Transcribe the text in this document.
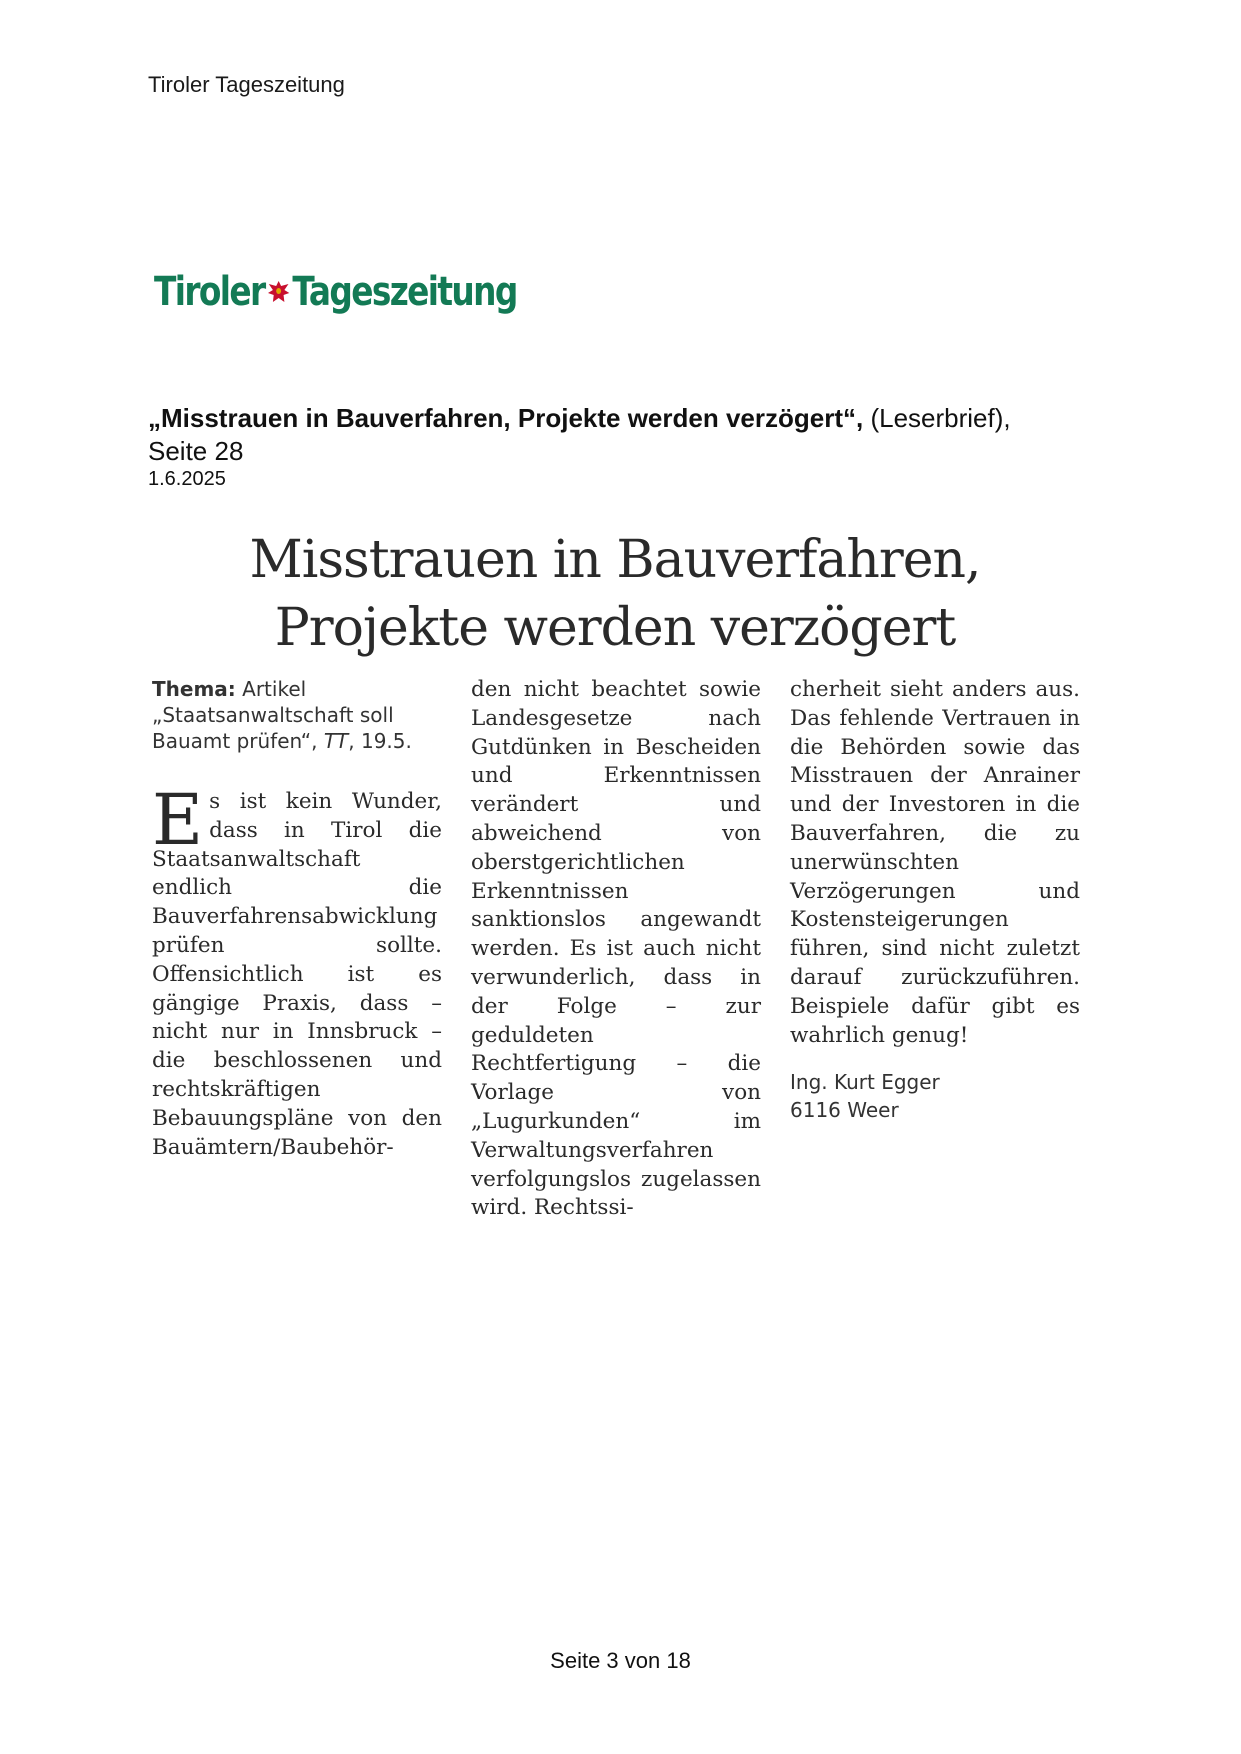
Tiroler Tageszeitung
Tiroler Tageszeitung
„Misstrauen in Bauverfahren, Projekte werden verzögert“, (Leserbrief),
Seite 28
1.6.2025
Misstrauen in Bauverfahren,
Projekte werden verzögert

Thema: Artikel „Staatsanwaltschaft soll Bauamt prüfen“, TT, 19.5.

Es ist kein Wunder, dass in Tirol die Staatsanwaltschaft endlich die Bauverfahrensabwicklung prüfen sollte. Offensichtlich ist es gängige Praxis, dass – nicht nur in Innsbruck – die beschlossenen und rechtskräftigen Bebauungspläne von den Bauämtern/Baubehör-

den nicht beachtet sowie Landesgesetze nach Gutdünken in Bescheiden und Erkenntnissen verändert und abweichend von oberstgerichtlichen Erkenntnissen sanktionslos angewandt werden. Es ist auch nicht verwunderlich, dass in der Folge – zur geduldeten Rechtfertigung – die Vorlage von „Lugurkunden“ im Verwaltungsverfahren verfolgungslos zugelassen wird. Rechtssi-

cherheit sieht anders aus. Das fehlende Vertrauen in die Behörden sowie das Misstrauen der Anrainer und der Investoren in die Bauverfahren, die zu unerwünschten Verzögerungen und Kostensteigerungen führen, sind nicht zuletzt darauf zurückzuführen. Beispiele dafür gibt es wahrlich genug!

Ing. Kurt Egger
6116 Weer

Seite 3 von 18
